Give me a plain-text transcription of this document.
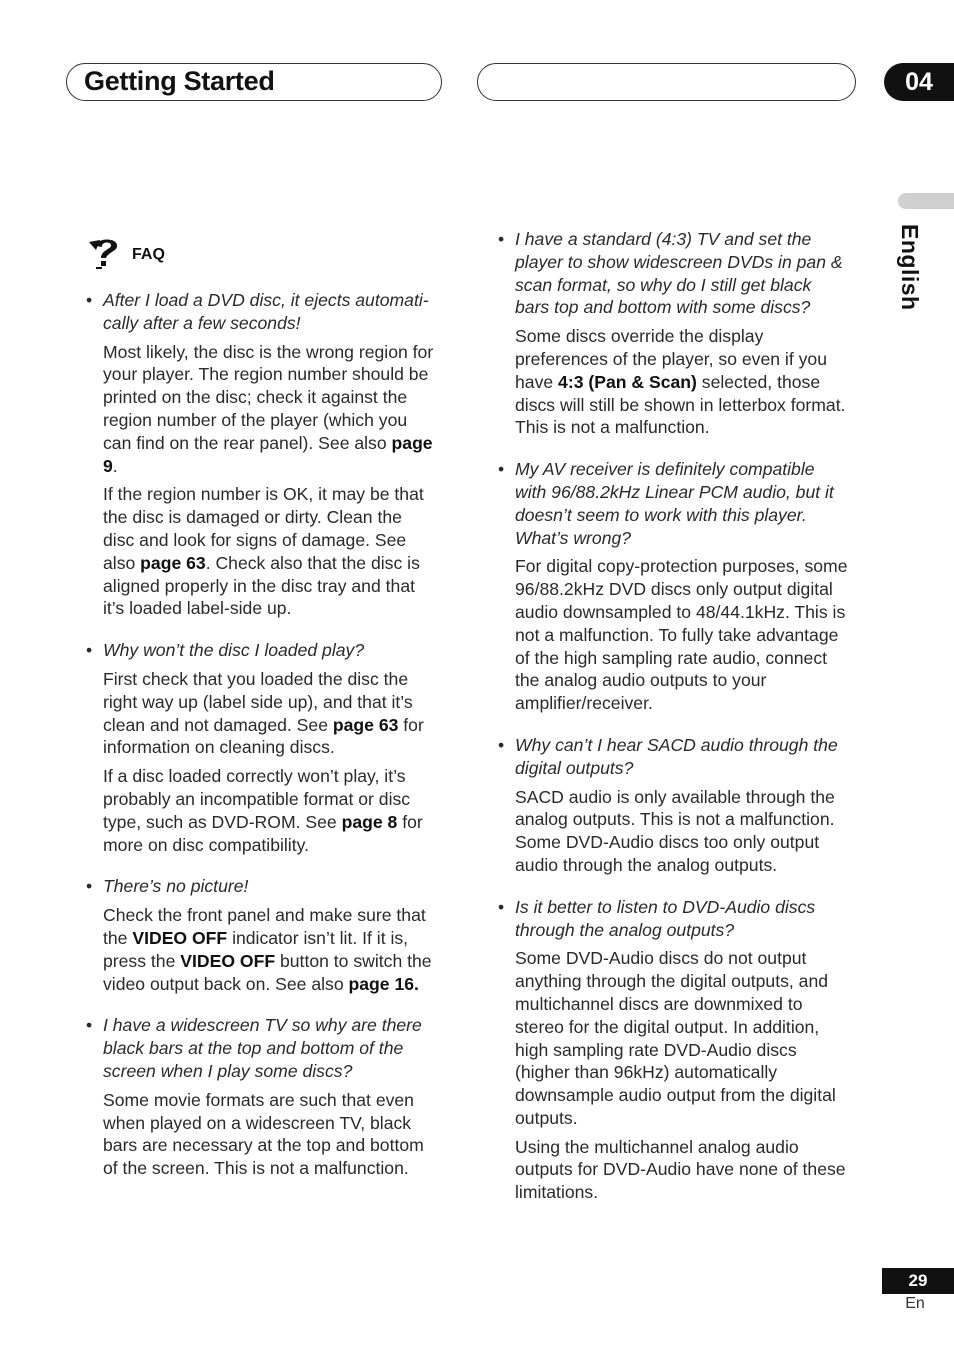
Getting Started	04
English
FAQ
• After I load a DVD disc, it ejects automati-cally after a few seconds!

Most likely, the disc is the wrong region for your player. The region number should be printed on the disc; check it against the region number of the player (which you can find on the rear panel). See also page 9.

If the region number is OK, it may be that the disc is damaged or dirty. Clean the disc and look for signs of damage. See also page 63. Check also that the disc is aligned properly in the disc tray and that it’s loaded label-side up.

• Why won’t the disc I loaded play?

First check that you loaded the disc the right way up (label side up), and that it’s clean and not damaged. See page 63 for information on cleaning discs.

If a disc loaded correctly won’t play, it’s probably an incompatible format or disc type, such as DVD-ROM. See page 8 for more on disc compatibility.

• There’s no picture!

Check the front panel and make sure that the VIDEO OFF indicator isn’t lit. If it is, press the VIDEO OFF button to switch the video output back on. See also page 16.

• I have a widescreen TV so why are there black bars at the top and bottom of the screen when I play some discs?

Some movie formats are such that even when played on a widescreen TV, black bars are necessary at the top and bottom of the screen. This is not a malfunction.

• I have a standard (4:3) TV and set the player to show widescreen DVDs in pan & scan format, so why do I still get black bars top and bottom with some discs?

Some discs override the display preferences of the player, so even if you have 4:3 (Pan & Scan) selected, those discs will still be shown in letterbox format. This is not a malfunction.

• My AV receiver is definitely compatible with 96/88.2kHz Linear PCM audio, but it doesn’t seem to work with this player. What’s wrong?

For digital copy-protection purposes, some 96/88.2kHz DVD discs only output digital audio downsampled to 48/44.1kHz. This is not a malfunction. To fully take advantage of the high sampling rate audio, connect the analog audio outputs to your amplifier/receiver.

• Why can’t I hear SACD audio through the digital outputs?

SACD audio is only available through the analog outputs. This is not a malfunction. Some DVD-Audio discs too only output audio through the analog outputs.

• Is it better to listen to DVD-Audio discs through the analog outputs?

Some DVD-Audio discs do not output anything through the digital outputs, and multichannel discs are downmixed to stereo for the digital output. In addition, high sampling rate DVD-Audio discs (higher than 96kHz) automatically downsample audio output from the digital outputs.

Using the multichannel analog audio outputs for DVD-Audio have none of these limitations.

29
En
